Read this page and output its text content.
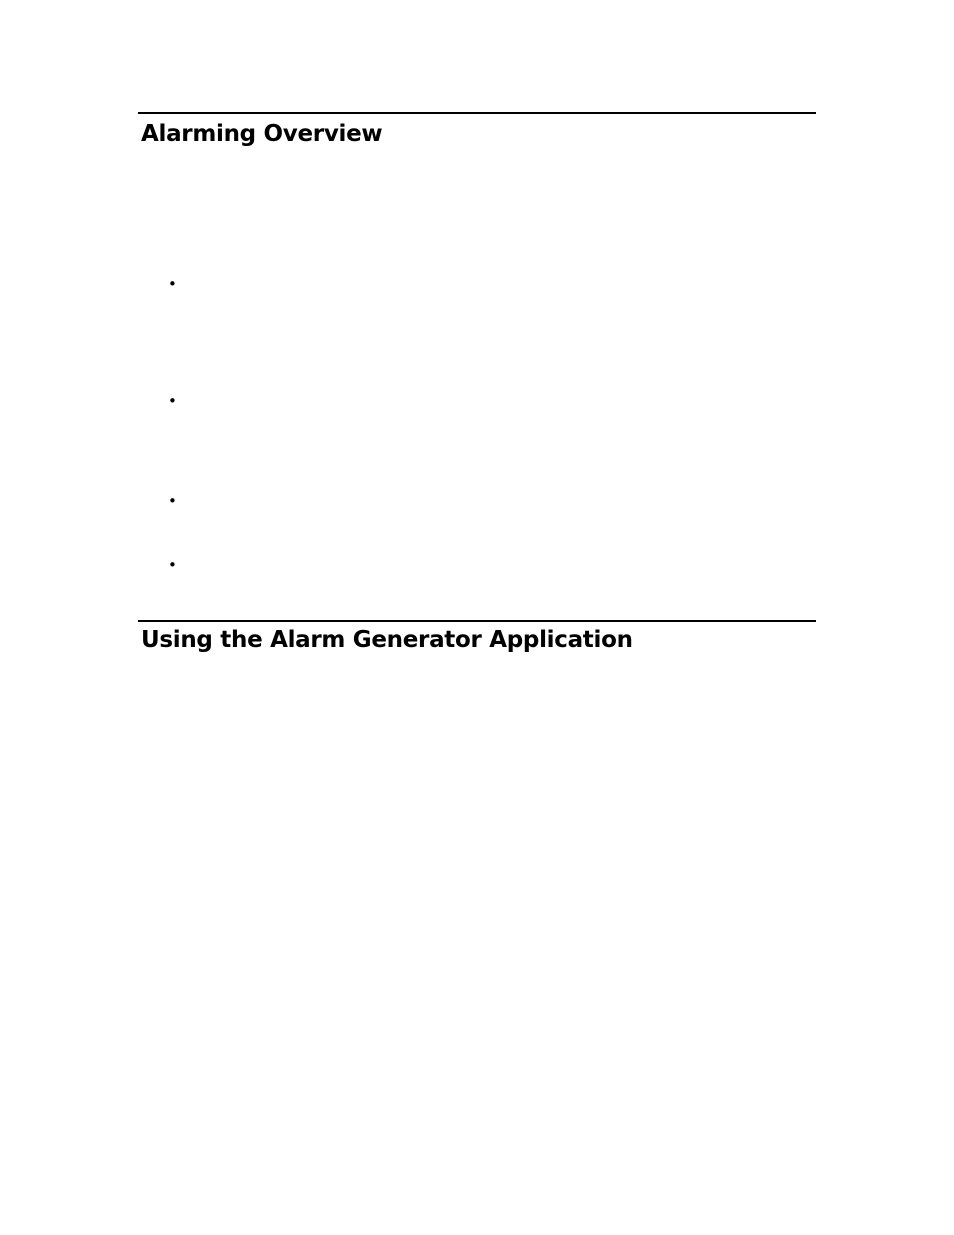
Alarming Overview
•
•
•
•
Using the Alarm Generator Application
